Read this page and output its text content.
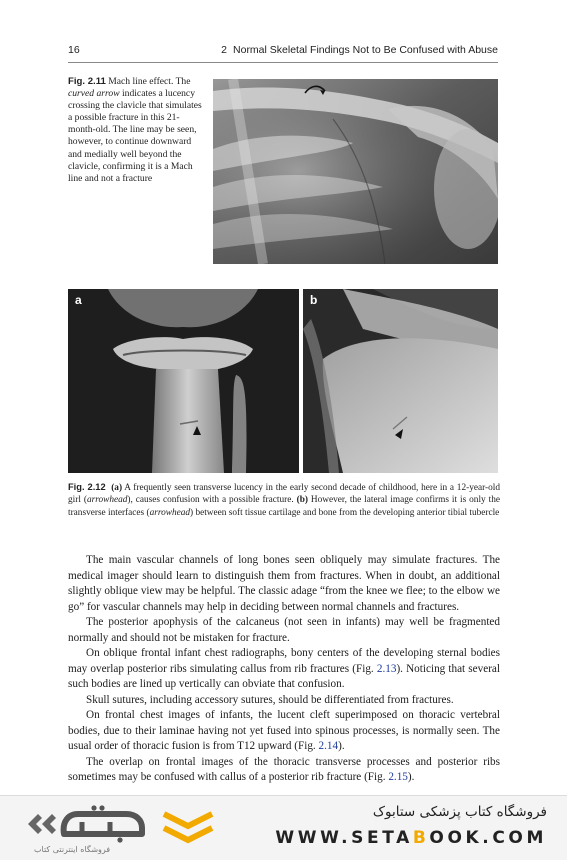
16	2 Normal Skeletal Findings Not to Be Confused with Abuse
Fig. 2.11 Mach line effect. The curved arrow indicates a lucency crossing the clavicle that simulates a possible fracture in this 21-month-old. The line may be seen, however, to continue downward and medially well beyond the clavicle, confirming it is a Mach line and not a fracture
a	b
Fig. 2.12 (a) A frequently seen transverse lucency in the early second decade of childhood, here in a 12-year-old girl (arrowhead), causes confusion with a possible fracture. (b) However, the lateral image confirms it is only the transverse interfaces (arrowhead) between soft tissue cartilage and bone from the developing anterior tibial tubercle

The main vascular channels of long bones seen obliquely may simulate fractures. The medical imager should learn to distinguish them from fractures. When in doubt, an additional slightly oblique view may be helpful. The classic adage “from the knee we flee; to the elbow we go” for vascular channels may help in deciding between normal channels and fractures.

The posterior apophysis of the calcaneus (not seen in infants) may well be fragmented normally and should not be mistaken for fracture.

On oblique frontal infant chest radiographs, bony centers of the developing sternal bodies may overlap posterior ribs simulating callus from rib fractures (Fig. 2.13). Noticing that several such bodies are lined up vertically can obviate that confusion.

Skull sutures, including accessory sutures, should be differentiated from fractures.

On frontal chest images of infants, the lucent cleft superimposed on thoracic vertebral bodies, due to their laminae having not yet fused into spinous processes, is normally seen. The usual order of thoracic fusion is from T12 upward (Fig. 2.14).

The overlap on frontal images of the thoracic transverse processes and posterior ribs sometimes may be confused with callus of a posterior rib fracture (Fig. 2.15).

فروشگاه اینترنتی کتاب
فروشگاه کتاب پزشکی ستابوک
WWW.SETABOOK.COM
